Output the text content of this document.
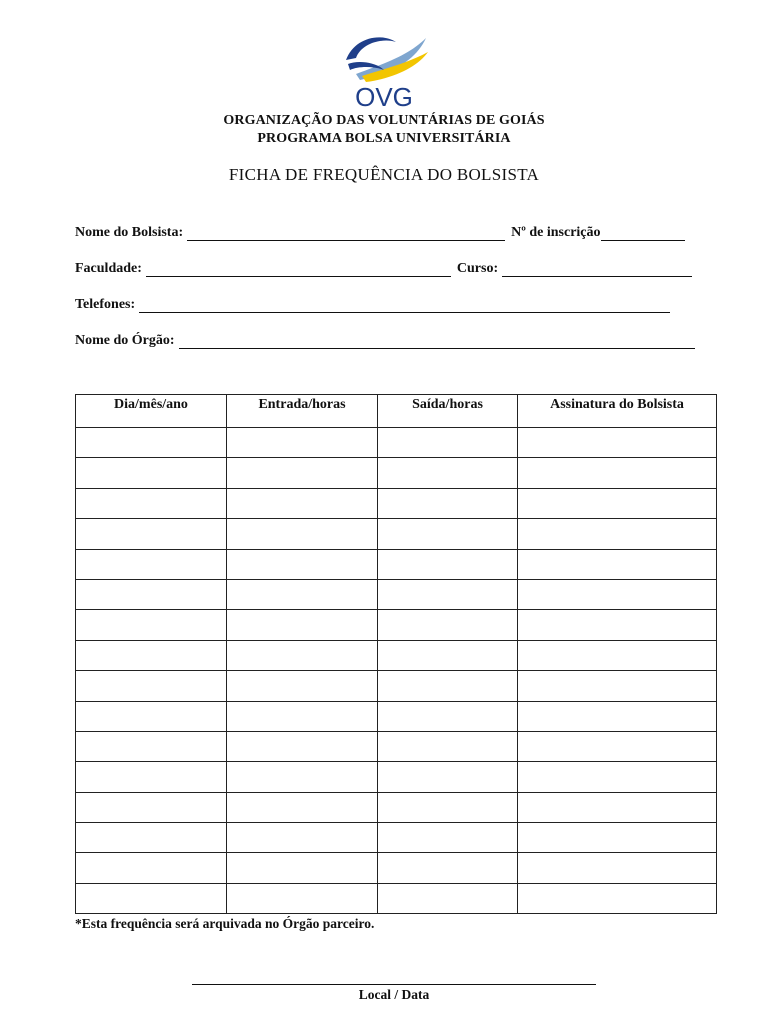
OVG
ORGANIZAÇÃO DAS VOLUNTÁRIAS DE GOIÁS
PROGRAMA BOLSA UNIVERSITÁRIA
FICHA DE FREQUÊNCIA DO BOLSISTA
Nome do Bolsista:	Nº de inscrição
Faculdade:	Curso:
Telefones:
Nome do Órgão:
Dia/mês/ano	Entrada/horas	Saída/horas	Assinatura do Bolsista

*Esta frequência será arquivada no Órgão parceiro.
Local / Data
